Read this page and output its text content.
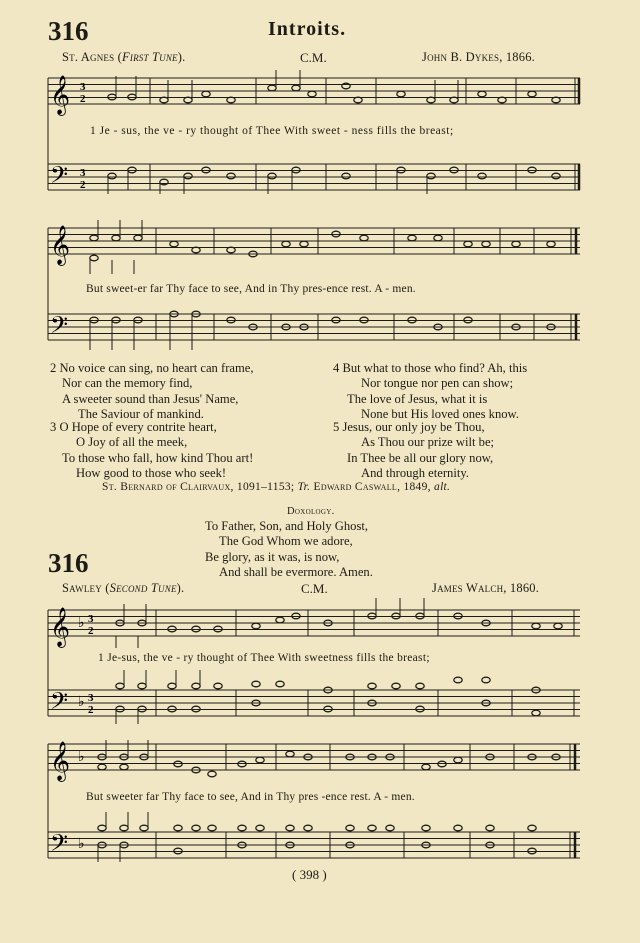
316	Introits.
St. Agnes (First Tune).	C.M.	John B. Dykes, 1866.
𝄞
𝄢
3
2
3
2
1 Je - sus, the ve - ry thought of Thee With sweet - ness fills the breast;
𝄞
𝄢
But sweet-er far Thy face to see, And in Thy pres-ence rest. A - men.
2 No voice can sing, no heart can frame,
Nor can the memory find,
A sweeter sound than Jesus' Name,
The Saviour of mankind.
3 O Hope of every contrite heart,
O Joy of all the meek,
To those who fall, how kind Thou art!
How good to those who seek!
4 But what to those who find? Ah, this
Nor tongue nor pen can show;
The love of Jesus, what it is
None but His loved ones know.
5 Jesus, our only joy be Thou,
As Thou our prize wilt be;
In Thee be all our glory now,
And through eternity.
St. Bernard of Clairvaux, 1091–1153; Tr. Edward Caswall, 1849, alt.
Doxology.
To Father, Son, and Holy Ghost,
The God Whom we adore,
Be glory, as it was, is now,
And shall be evermore. Amen.
316
Sawley (Second Tune).	C.M.	James Walch, 1860.
𝄞
𝄢
♭
♭
3
2
3
2
1 Je-sus, the ve - ry thought of Thee With sweetness fills the breast;
𝄞
𝄢
♭
♭
But sweeter far Thy face to see, And in Thy pres -ence rest. A - men.
( 398 )
